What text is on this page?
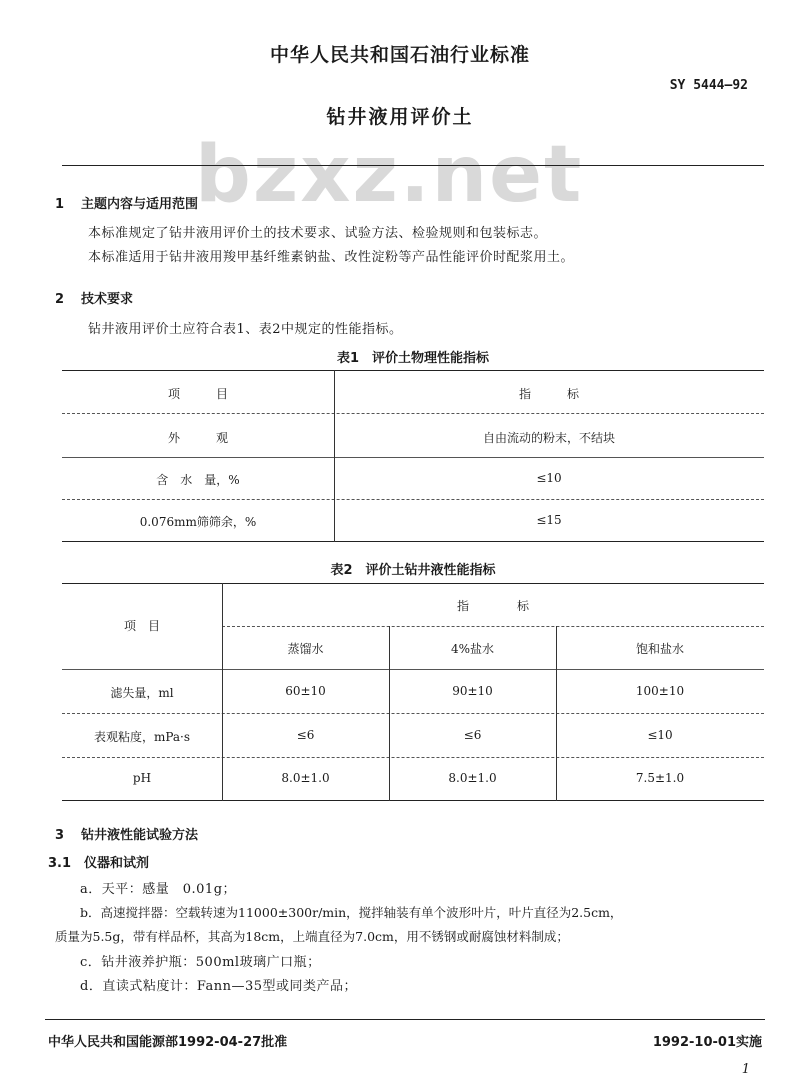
中华人民共和国石油行业标准
SY 5444—92
钻井液用评价土
bzxz.net
1 主题内容与适用范围
本标准规定了钻井液用评价土的技术要求、试验方法、检验规则和包装标志。
本标准适用于钻井液用羧甲基纤维素钠盐、改性淀粉等产品性能评价时配浆用土。
2 技术要求
钻井液用评价土应符合表1、表2中规定的性能指标。
表1　评价土物理性能指标
项　　　目	指　　　标
外　　　观	自由流动的粉末，不结块
含　水　量，%	≤10
0.076mm筛筛余，%	≤15
表2　评价土钻井液性能指标
项　目
指　　　　标
蒸馏水	4%盐水	饱和盐水
滤失量，ml	60±10	90±10	100±10
表观粘度，mPa·s	≤6	≤6	≤10
pH	8.0±1.0	8.0±1.0	7.5±1.0
3 钻井液性能试验方法
3.1 仪器和试剂
a．天平：感量　0.01g；
b．高速搅拌器：空载转速为11000±300r/min，搅拌轴装有单个波形叶片，叶片直径为2.5cm，
质量为5.5g，带有样品杯，其高为18cm，上端直径为7.0cm，用不锈钢或耐腐蚀材料制成；
c．钻井液养护瓶：500ml玻璃广口瓶；
d．直读式粘度计：Fann—35型或同类产品；
中华人民共和国能源部1992-04-27批准	1992-10-01实施
1
